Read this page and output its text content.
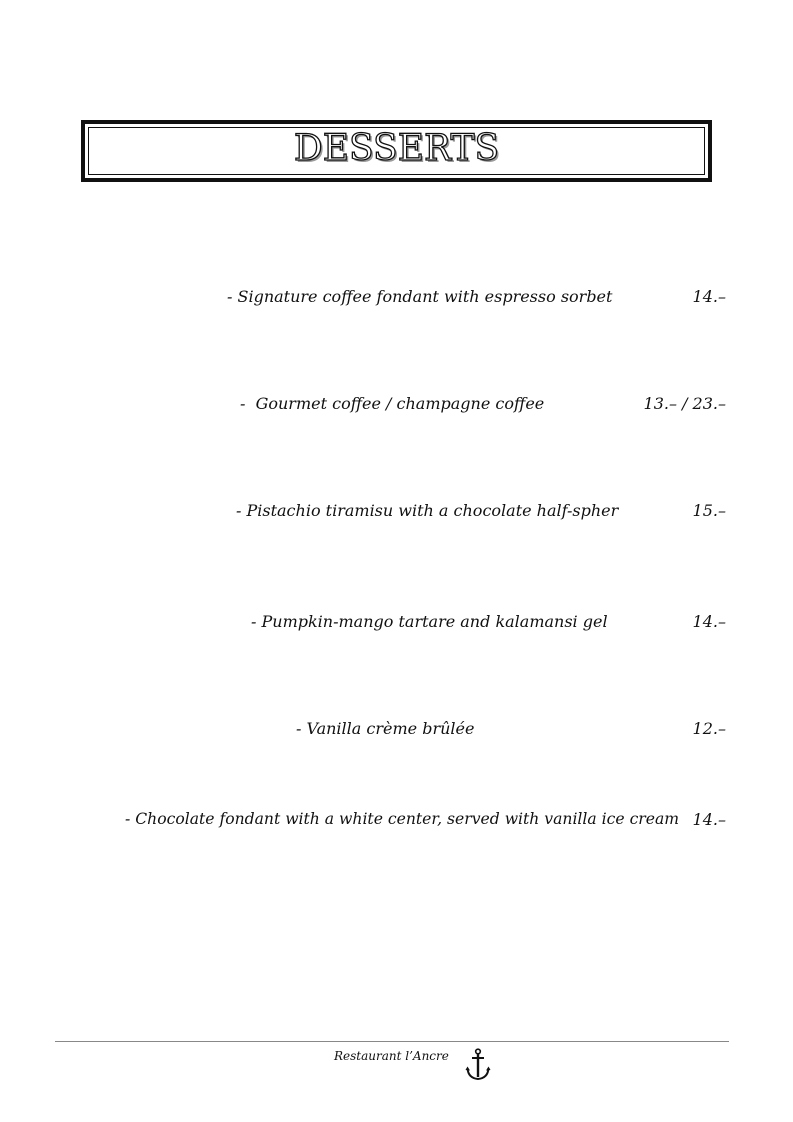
DESSERTS
- Signature coffee fondant with espresso sorbet	14.–
-  Gourmet coffee / champagne coffee	13.– / 23.–
- Pistachio tiramisu with a chocolate half-spher	15.–
- Pumpkin-mango tartare and kalamansi gel	14.–
- Vanilla crème brûlée	12.–
- Chocolate fondant with a white center, served with vanilla ice cream 14.–
Restaurant l’Ancre
